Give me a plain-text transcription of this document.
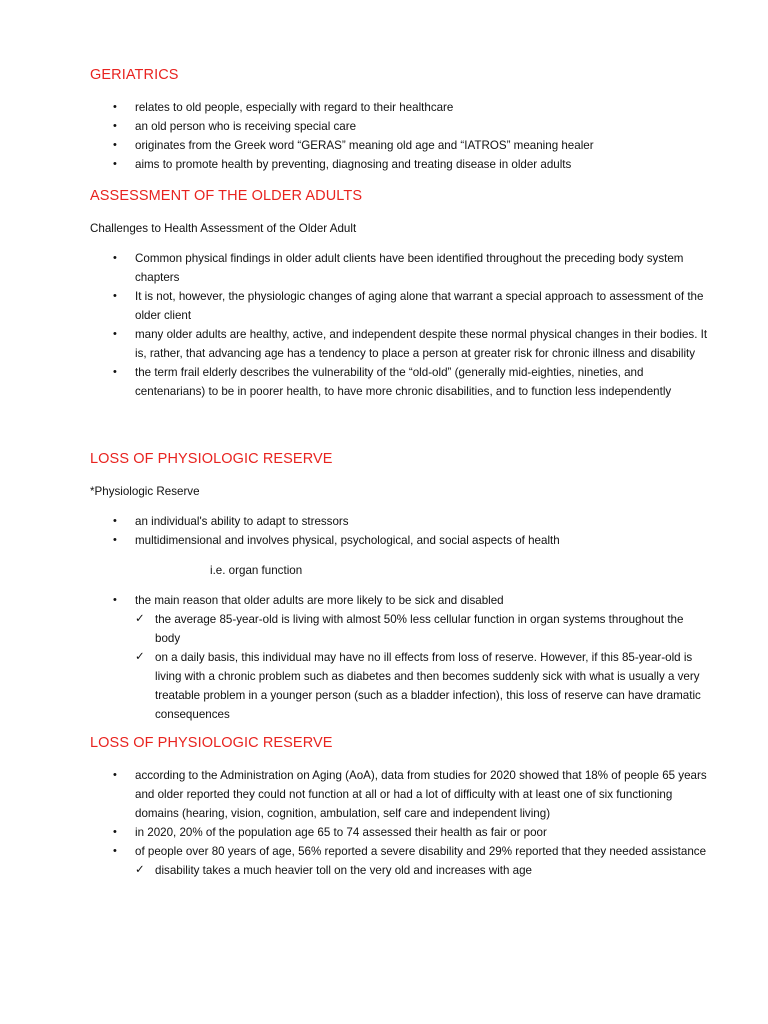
GERIATRICS
• relates to old people, especially with regard to their healthcare
• an old person who is receiving special care
• originates from the Greek word “GERAS” meaning old age and “IATROS” meaning healer
• aims to promote health by preventing, diagnosing and treating disease in older adults
ASSESSMENT OF THE OLDER ADULTS

Challenges to Health Assessment of the Older Adult

• Common physical findings in older adult clients have been identified throughout the preceding body system chapters
• It is not, however, the physiologic changes of aging alone that warrant a special approach to assessment of the older client
• many older adults are healthy, active, and independent despite these normal physical changes in their bodies. It is, rather, that advancing age has a tendency to place a person at greater risk for chronic illness and disability
• the term frail elderly describes the vulnerability of the “old-old” (generally mid-eighties, nineties, and centenarians) to be in poorer health, to have more chronic disabilities, and to function less independently
LOSS OF PHYSIOLOGIC RESERVE

*Physiologic Reserve

• an individual's ability to adapt to stressors
• multidimensional and involves physical, psychological, and social aspects of health

i.e. organ function

• the main reason that older adults are more likely to be sick and disabled
✓ the average 85-year-old is living with almost 50% less cellular function in organ systems throughout the body
✓ on a daily basis, this individual may have no ill effects from loss of reserve. However, if this 85-year-old is living with a chronic problem such as diabetes and then becomes suddenly sick with what is usually a very treatable problem in a younger person (such as a bladder infection), this loss of reserve can have dramatic consequences
LOSS OF PHYSIOLOGIC RESERVE
• according to the Administration on Aging (AoA), data from studies for 2020 showed that 18% of people 65 years and older reported they could not function at all or had a lot of difficulty with at least one of six functioning domains (hearing, vision, cognition, ambulation, self care and independent living)
• in 2020, 20% of the population age 65 to 74 assessed their health as fair or poor
• of people over 80 years of age, 56% reported a severe disability and 29% reported that they needed assistance
✓ disability takes a much heavier toll on the very old and increases with age
